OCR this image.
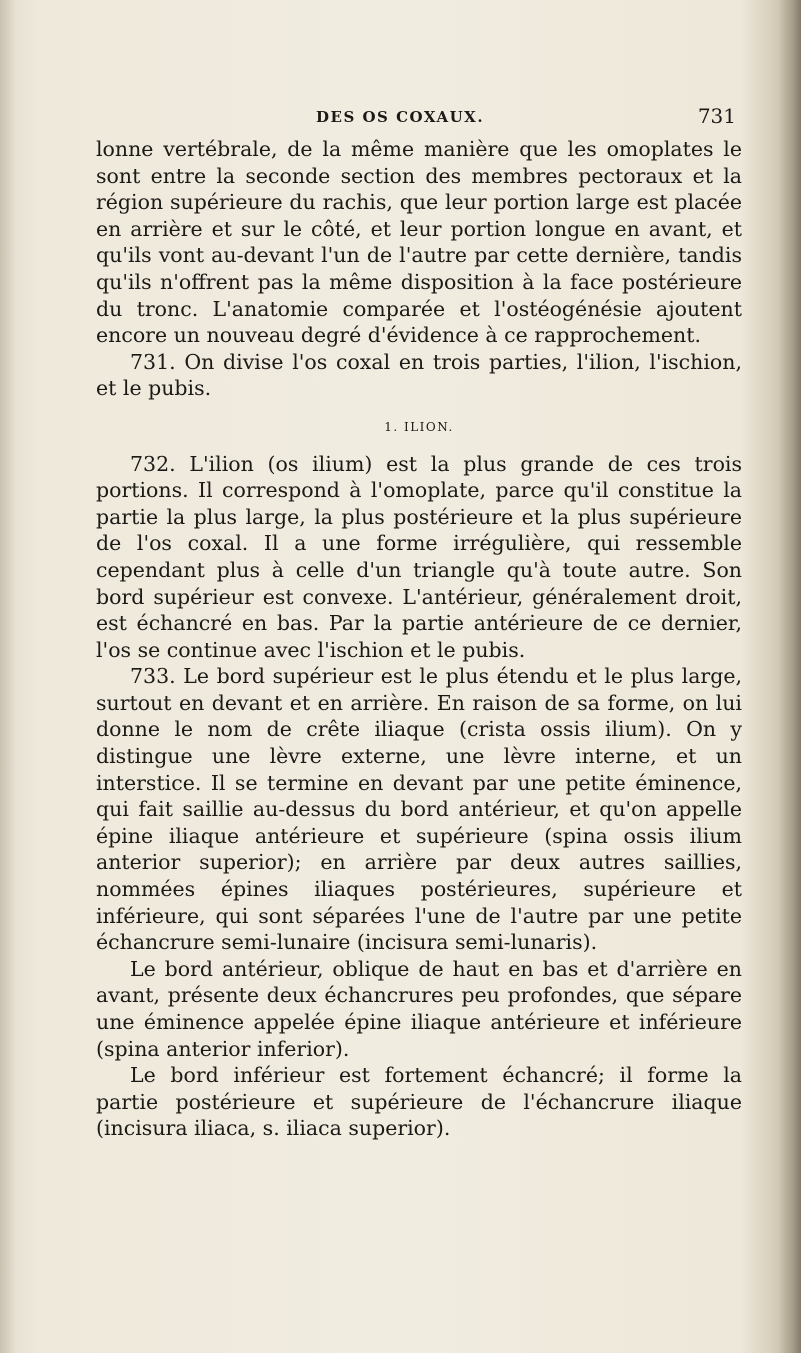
DES OS COXAUX.	731

lonne vertébrale, de la même manière que les omoplates le sont entre la seconde section des membres pectoraux et la région supérieure du rachis, que leur portion large est placée en arrière et sur le côté, et leur portion longue en avant, et qu'ils vont au-devant l'un de l'autre par cette dernière, tandis qu'ils n'offrent pas la même disposition à la face postérieure du tronc. L'anatomie comparée et l'ostéogénésie ajoutent encore un nouveau degré d'évidence à ce rapprochement.

731. On divise l'os coxal en trois parties, l'ilion, l'ischion, et le pubis.

1. ILION.

732. L'ilion (os ilium) est la plus grande de ces trois portions. Il correspond à l'omoplate, parce qu'il constitue la partie la plus large, la plus postérieure et la plus supérieure de l'os coxal. Il a une forme irrégulière, qui ressemble cependant plus à celle d'un triangle qu'à toute autre. Son bord supérieur est convexe. L'antérieur, généralement droit, est échancré en bas. Par la partie antérieure de ce dernier, l'os se continue avec l'ischion et le pubis.

733. Le bord supérieur est le plus étendu et le plus large, surtout en devant et en arrière. En raison de sa forme, on lui donne le nom de crête iliaque (crista ossis ilium). On y distingue une lèvre externe, une lèvre interne, et un interstice. Il se termine en devant par une petite éminence, qui fait saillie au-dessus du bord antérieur, et qu'on appelle épine iliaque antérieure et supérieure (spina ossis ilium anterior superior); en arrière par deux autres saillies, nommées épines iliaques postérieures, supérieure et inférieure, qui sont séparées l'une de l'autre par une petite échancrure semi-lunaire (incisura semi-lunaris).

Le bord antérieur, oblique de haut en bas et d'arrière en avant, présente deux échancrures peu profondes, que sépare une éminence appelée épine iliaque antérieure et inférieure (spina anterior inferior).

Le bord inférieur est fortement échancré; il forme la partie postérieure et supérieure de l'échancrure iliaque (incisura iliaca, s. iliaca superior).
